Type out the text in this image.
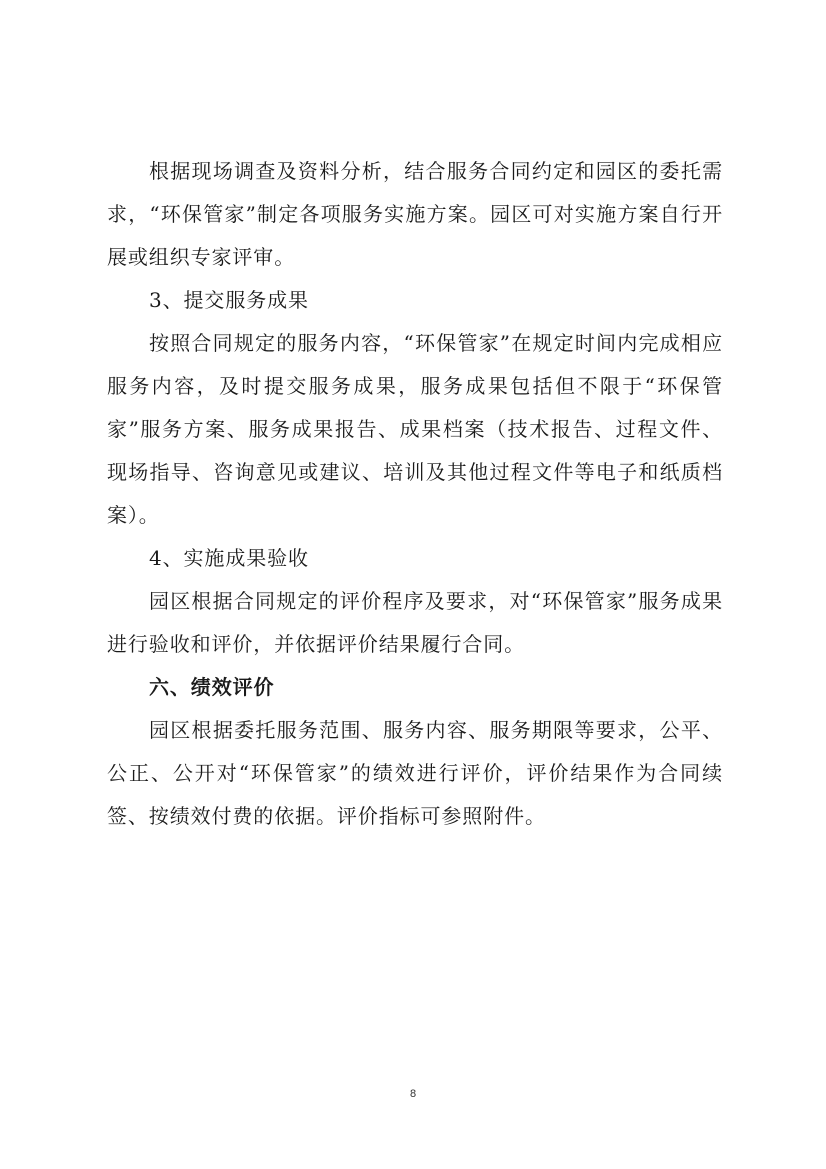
根据现场调查及资料分析，结合服务合同约定和园区的委托需求，“环保管家”制定各项服务实施方案。园区可对实施方案自行开展或组织专家评审。

3、提交服务成果

按照合同规定的服务内容，“环保管家”在规定时间内完成相应服务内容，及时提交服务成果，服务成果包括但不限于“环保管家”服务方案、服务成果报告、成果档案（技术报告、过程文件、现场指导、咨询意见或建议、培训及其他过程文件等电子和纸质档案）。

4、实施成果验收

园区根据合同规定的评价程序及要求，对“环保管家”服务成果进行验收和评价，并依据评价结果履行合同。

六、绩效评价

园区根据委托服务范围、服务内容、服务期限等要求，公平、公正、公开对“环保管家”的绩效进行评价，评价结果作为合同续签、按绩效付费的依据。评价指标可参照附件。

8
